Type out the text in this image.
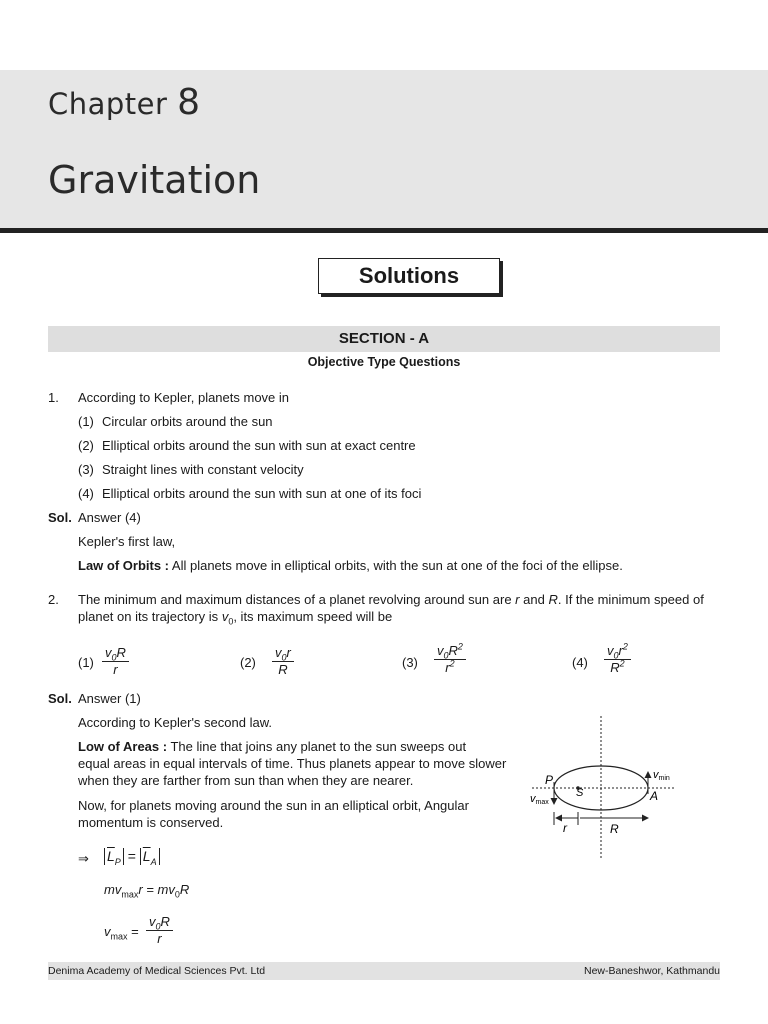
Chapter 8
Gravitation
Solutions
SECTION - A
Objective Type Questions
1. According to Kepler, planets move in
(1) Circular orbits around the sun
(2) Elliptical orbits around the sun with sun at exact centre
(3) Straight lines with constant velocity
(4) Elliptical orbits around the sun with sun at one of its foci
Sol. Answer (4)
Kepler's first law,
Law of Orbits : All planets move in elliptical orbits, with the sun at one of the foci of the ellipse.
2. The minimum and maximum distances of a planet revolving around sun are r and R. If the minimum speed of
planet on its trajectory is $v_0$, its maximum speed will be
$(1) \frac{v_0R}{r}$	$(2) \frac{v_0r}{R}$	$(3) \frac{v_0R^2}{r^2}$	$(4) \frac{v_0r^2}{R^2}$
Sol. Answer (1)
According to Kepler's second law.
Low of Areas : The line that joins any planet to the sun sweeps out
equal areas in equal intervals of time. Thus planets appear to move slower
when they are farther from sun than when they are nearer.
Now, for planets moving around the sun in an elliptical orbit, Angular
momentum is conserved.
⇒ $\overline{L}_P = \overline{L}_A$
$mv_{max}r = mv_0R$
$v_{max} = \frac{v_0R}{r}$
P
S	A
vmax
vmin
r	R
Denima Academy of Medical Sciences Pvt. Ltd	New-Baneshwor, Kathmandu
